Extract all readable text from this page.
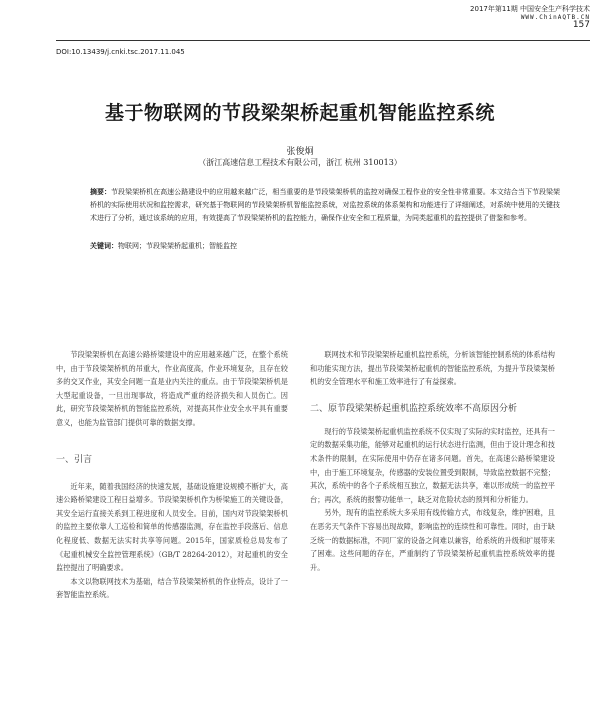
2017年第11期 中国安全生产科学技术
WWW.ChinAQTB.CN
157
DOI:10.13439/j.cnki.tsc.2017.11.045
基于物联网的节段梁架桥起重机智能监控系统
张俊炯
（浙江高速信息工程技术有限公司，浙江 杭州 310013）
摘要：节段梁架桥机在高速公路建设中的应用越来越广泛，相当重要的是节段梁架桥机的监控对确保工程作业的安全性非常重要。本文结合当下节段梁架桥机的实际使用状况和监控需求，研究基于物联网的节段梁架桥机智能监控系统，对监控系统的体系架构和功能进行了详细阐述，对系统中使用的关键技术进行了分析，通过该系统的应用，有效提高了节段梁架桥机的监控能力，确保作业安全和工程质量，为同类起重机的监控提供了借鉴和参考。
关键词：物联网；节段梁架桥起重机；智能监控

节段梁架桥机在高速公路桥梁建设中的应用越来越广泛，在整个系统中，由于节段梁架桥机的吊重大，作业高度高，作业环境复杂，且存在较多的交叉作业，其安全问题一直是业内关注的重点。由于节段梁架桥机是大型起重设备，一旦出现事故，将造成严重的经济损失和人员伤亡。因此，研究节段梁架桥机的智能监控系统，对提高其作业安全水平具有重要意义，也能为监管部门提供可靠的数据支撑。

一、引言

近年来，随着我国经济的快速发展，基础设施建设规模不断扩大，高速公路桥梁建设工程日益增多。节段梁架桥机作为桥梁施工的关键设备，其安全运行直接关系到工程进度和人员安全。目前，国内对节段梁架桥机的监控主要依靠人工巡检和简单的传感器监测，存在监控手段落后、信息化程度低、数据无法实时共享等问题。2015年，国家质检总局发布了《起重机械安全监控管理系统》（GB/T 28264-2012），对起重机的安全监控提出了明确要求。

本文以物联网技术为基础，结合节段梁架桥机的作业特点，设计了一套智能监控系统。

联网技术和节段梁架桥起重机监控系统，分析该智能控制系统的体系结构和功能实现方法，提出节段梁架桥起重机的智能监控系统，为提升节段梁架桥机的安全管理水平和施工效率进行了有益探索。

二、原节段梁架桥起重机监控系统效率不高原因分析

现行的节段梁架桥起重机监控系统不仅实现了实际的实时监控，还具有一定的数据采集功能，能够对起重机的运行状态进行监测，但由于设计理念和技术条件的限制，在实际使用中仍存在诸多问题。首先，在高速公路桥梁建设中，由于施工环境复杂，传感器的安装位置受到限制，导致监控数据不完整；其次，系统中的各个子系统相互独立，数据无法共享，难以形成统一的监控平台；再次，系统的报警功能单一，缺乏对危险状态的预判和分析能力。

另外，现有的监控系统大多采用有线传输方式，布线复杂，维护困难，且在恶劣天气条件下容易出现故障，影响监控的连续性和可靠性。同时，由于缺乏统一的数据标准，不同厂家的设备之间难以兼容，给系统的升级和扩展带来了困难。这些问题的存在，严重制约了节段梁架桥起重机监控系统效率的提升。
